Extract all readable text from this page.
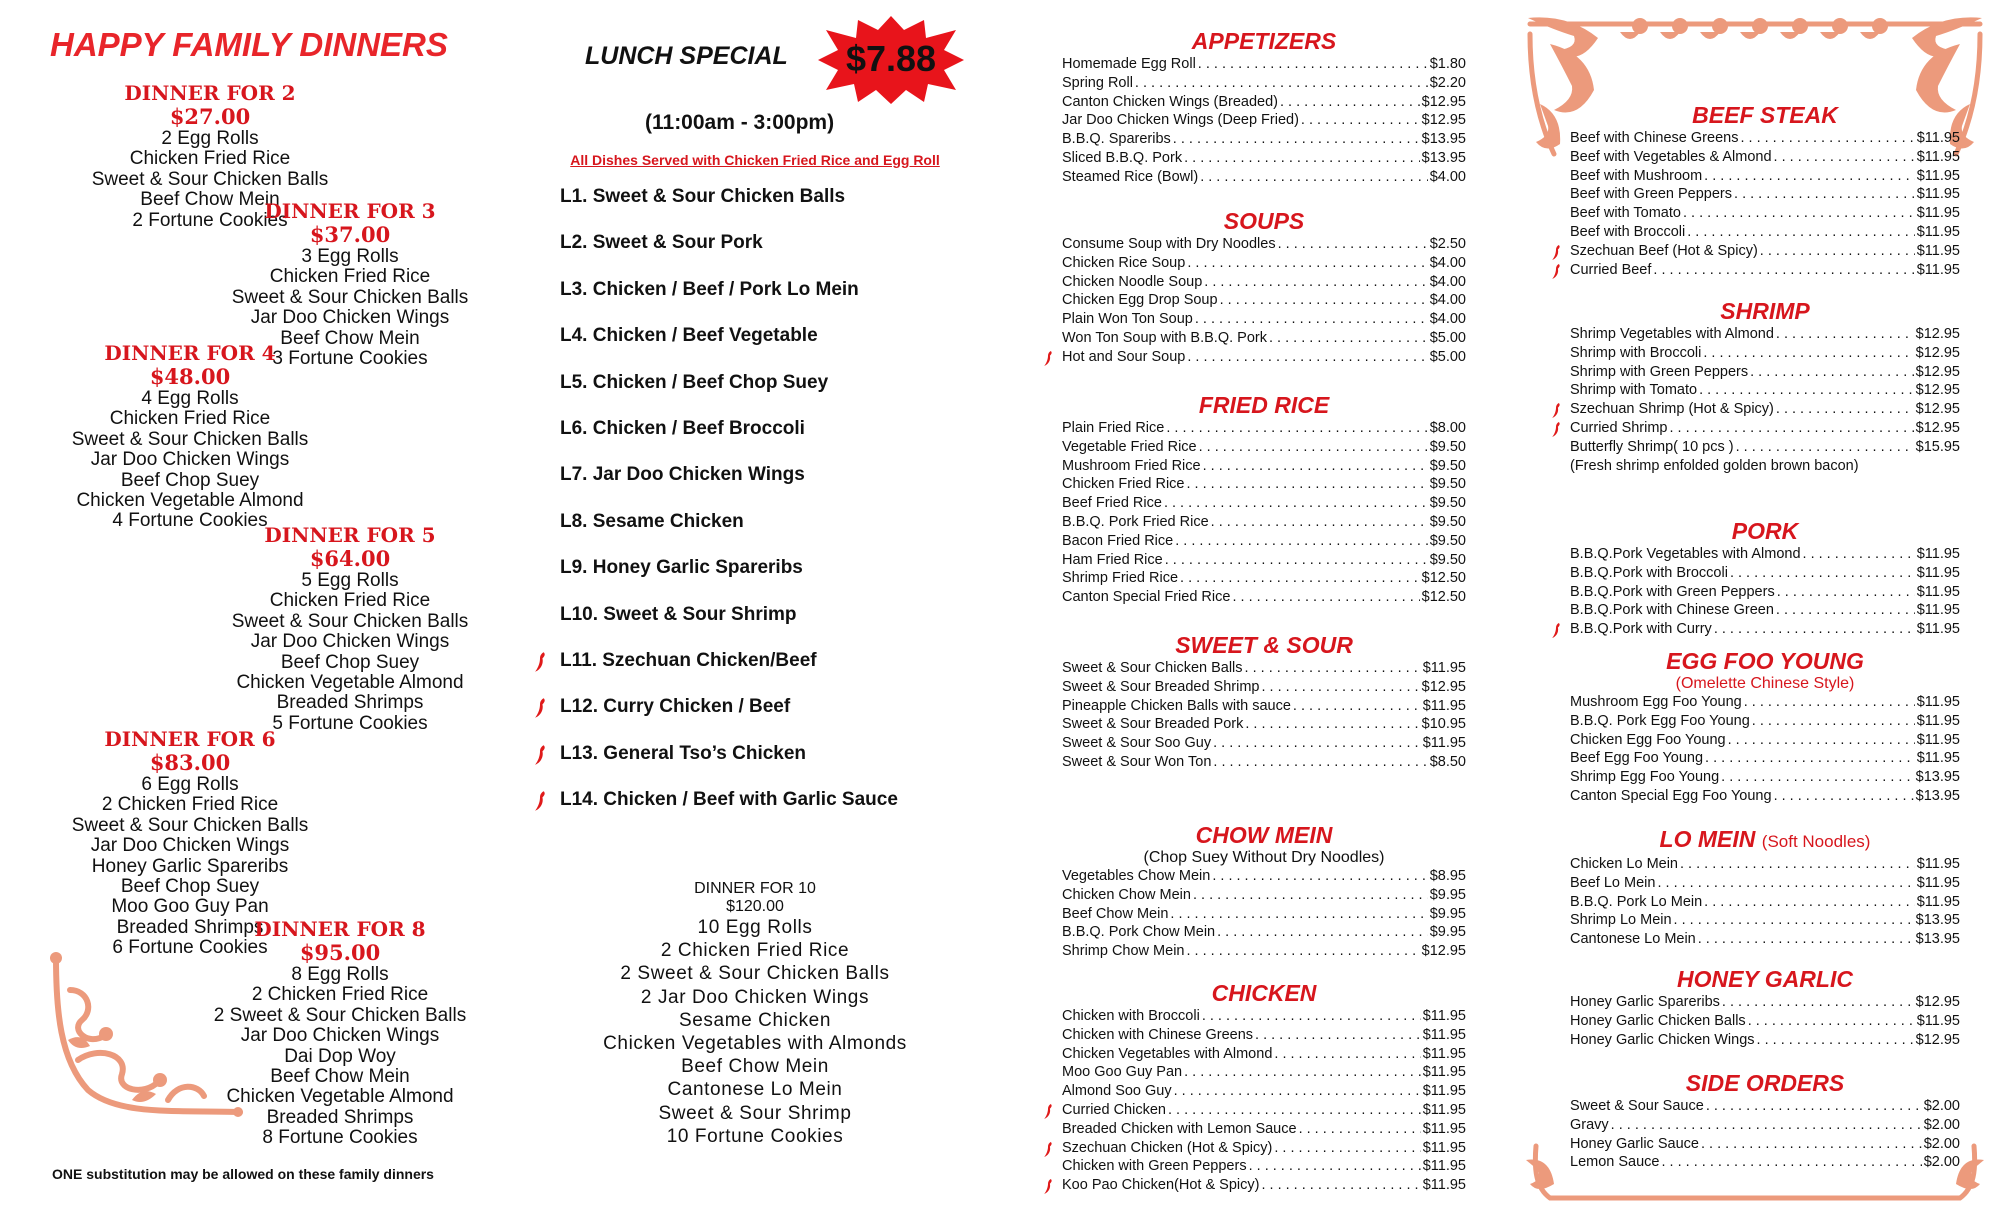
HAPPY FAMILY DINNERS
DINNER FOR 2
$27.00
2 Egg Rolls
Chicken Fried Rice
Sweet & Sour Chicken Balls
Beef Chow Mein
2 Fortune Cookies
DINNER FOR 3
$37.00
3 Egg Rolls
Chicken Fried Rice
Sweet & Sour Chicken Balls
Jar Doo Chicken Wings
Beef Chow Mein
3 Fortune Cookies
DINNER FOR 4
$48.00
4 Egg Rolls
Chicken Fried Rice
Sweet & Sour Chicken Balls
Jar Doo Chicken Wings
Beef Chop Suey
Chicken Vegetable Almond
4 Fortune Cookies
DINNER FOR 5
$64.00
5 Egg Rolls
Chicken Fried Rice
Sweet & Sour Chicken Balls
Jar Doo Chicken Wings
Beef Chop Suey
Chicken Vegetable Almond
Breaded Shrimps
5 Fortune Cookies
DINNER FOR 6
$83.00
6 Egg Rolls
2 Chicken Fried Rice
Sweet & Sour Chicken Balls
Jar Doo Chicken Wings
Honey Garlic Spareribs
Beef Chop Suey
Moo Goo Guy Pan
Breaded Shrimps
6 Fortune Cookies
DINNER FOR 8
$95.00
8 Egg Rolls
2 Chicken Fried Rice
2 Sweet & Sour Chicken Balls
Jar Doo Chicken Wings
Dai Dop Woy
Beef Chow Mein
Chicken Vegetable Almond
Breaded Shrimps
8 Fortune Cookies
ONE substitution may be allowed on these family dinners
LUNCH SPECIAL	$7.88
(11:00am - 3:00pm)
All Dishes Served with Chicken Fried Rice and Egg Roll
L1. Sweet & Sour Chicken Balls
L2. Sweet & Sour Pork
L3. Chicken / Beef / Pork Lo Mein
L4. Chicken / Beef Vegetable
L5. Chicken / Beef Chop Suey
L6. Chicken / Beef Broccoli
L7. Jar Doo Chicken Wings
L8. Sesame Chicken
L9. Honey Garlic Spareribs
L10. Sweet & Sour Shrimp
L11. Szechuan Chicken/Beef
L12. Curry Chicken / Beef
L13. General Tso’s Chicken
L14. Chicken / Beef with Garlic Sauce
DINNER FOR 10
$120.00
10 Egg Rolls
2 Chicken Fried Rice
2 Sweet & Sour Chicken Balls
2 Jar Doo Chicken Wings
Sesame Chicken
Chicken Vegetables with Almonds
Beef Chow Mein
Cantonese Lo Mein
Sweet & Sour Shrimp
10 Fortune Cookies
APPETIZERS
Homemade Egg Roll . . .	$1.80
Spring Roll . . .	$2.20
Canton Chicken Wings (Breaded) . . .	$12.95
Jar Doo Chicken Wings (Deep Fried) . . .	$12.95
B.B.Q. Spareribs . . .	$13.95
Sliced B.B.Q. Pork . . .	$13.95
Steamed Rice (Bowl) . . .	$4.00
SOUPS
Consume Soup with Dry Noodles . . .	$2.50
Chicken Rice Soup . . .	$4.00
Chicken Noodle Soup . . .	$4.00
Chicken Egg Drop Soup . . .	$4.00
Plain Won Ton Soup . . .	$4.00
Won Ton Soup with B.B.Q. Pork . . .	$5.00
Hot and Sour Soup . . .	$5.00
FRIED RICE
Plain Fried Rice . . .	$8.00
Vegetable Fried Rice . . .	$9.50
Mushroom Fried Rice . . .	$9.50
Chicken Fried Rice . . .	$9.50
Beef Fried Rice . . .	$9.50
B.B.Q. Pork Fried Rice . . .	$9.50
Bacon Fried Rice . . .	$9.50
Ham Fried Rice . . .	$9.50
Shrimp Fried Rice . . .	$12.50
Canton Special Fried Rice . . .	$12.50
SWEET & SOUR
Sweet & Sour Chicken Balls . . .	$11.95
Sweet & Sour Breaded Shrimp . . .	$12.95
Pineapple Chicken Balls with sauce . . .	$11.95
Sweet & Sour Breaded Pork . . .	$10.95
Sweet & Sour Soo Guy . . .	$11.95
Sweet & Sour Won Ton . . .	$8.50
CHOW MEIN
(Chop Suey Without Dry Noodles)
Vegetables Chow Mein . . .	$8.95
Chicken Chow Mein . . .	$9.95
Beef Chow Mein . . .	$9.95
B.B.Q. Pork Chow Mein . . .	$9.95
Shrimp Chow Mein . . .	$12.95
CHICKEN
Chicken with Broccoli . . .	$11.95
Chicken with Chinese Greens . . .	$11.95
Chicken Vegetables with Almond . . .	$11.95
Moo Goo Guy Pan . . .	$11.95
Almond Soo Guy . . .	$11.95
Curried Chicken . . .	$11.95
Breaded Chicken with Lemon Sauce . . .	$11.95
Szechuan Chicken (Hot & Spicy) . . .	$11.95
Chicken with Green Peppers . . .	$11.95
Koo Pao Chicken(Hot & Spicy) . . .	$11.95
BEEF STEAK
Beef with Chinese Greens . . .	$11.95
Beef with Vegetables & Almond . . .	$11.95
Beef with Mushroom . . .	$11.95
Beef with Green Peppers . . .	$11.95
Beef with Tomato . . .	$11.95
Beef with Broccoli . . .	$11.95
Szechuan Beef (Hot & Spicy) . . .	$11.95
Curried Beef . . .	$11.95
SHRIMP
Shrimp Vegetables with Almond . . .	$12.95
Shrimp with Broccoli . . .	$12.95
Shrimp with Green Peppers . . .	$12.95
Shrimp with Tomato . . .	$12.95
Szechuan Shrimp (Hot & Spicy) . . .	$12.95
Curried Shrimp . . .	$12.95
Butterfly Shrimp( 10 pcs ) . . .	$15.95
(Fresh shrimp enfolded golden brown bacon)
PORK
B.B.Q.Pork Vegetables with Almond . . .	$11.95
B.B.Q.Pork with Broccoli . . .	$11.95
B.B.Q.Pork with Green Peppers . . .	$11.95
B.B.Q.Pork with Chinese Green . . .	$11.95
B.B.Q.Pork with Curry . . .	$11.95
EGG FOO YOUNG
(Omelette Chinese Style)
Mushroom Egg Foo Young . . .	$11.95
B.B.Q. Pork Egg Foo Young . . .	$11.95
Chicken Egg Foo Young . . .	$11.95
Beef Egg Foo Young . . .	$11.95
Shrimp Egg Foo Young . . .	$13.95
Canton Special Egg Foo Young . . .	$13.95
LO MEIN (Soft Noodles)
Chicken Lo Mein . . .	$11.95
Beef Lo Mein . . .	$11.95
B.B.Q. Pork Lo Mein . . .	$11.95
Shrimp Lo Mein . . .	$13.95
Cantonese Lo Mein . . .	$13.95
HONEY GARLIC
Honey Garlic Spareribs . . .	$12.95
Honey Garlic Chicken Balls . . .	$11.95
Honey Garlic Chicken Wings . . .	$12.95
SIDE ORDERS
Sweet & Sour Sauce . . .	$2.00
Gravy . . .	$2.00
Honey Garlic Sauce . . .	$2.00
Lemon Sauce . . .	$2.00
